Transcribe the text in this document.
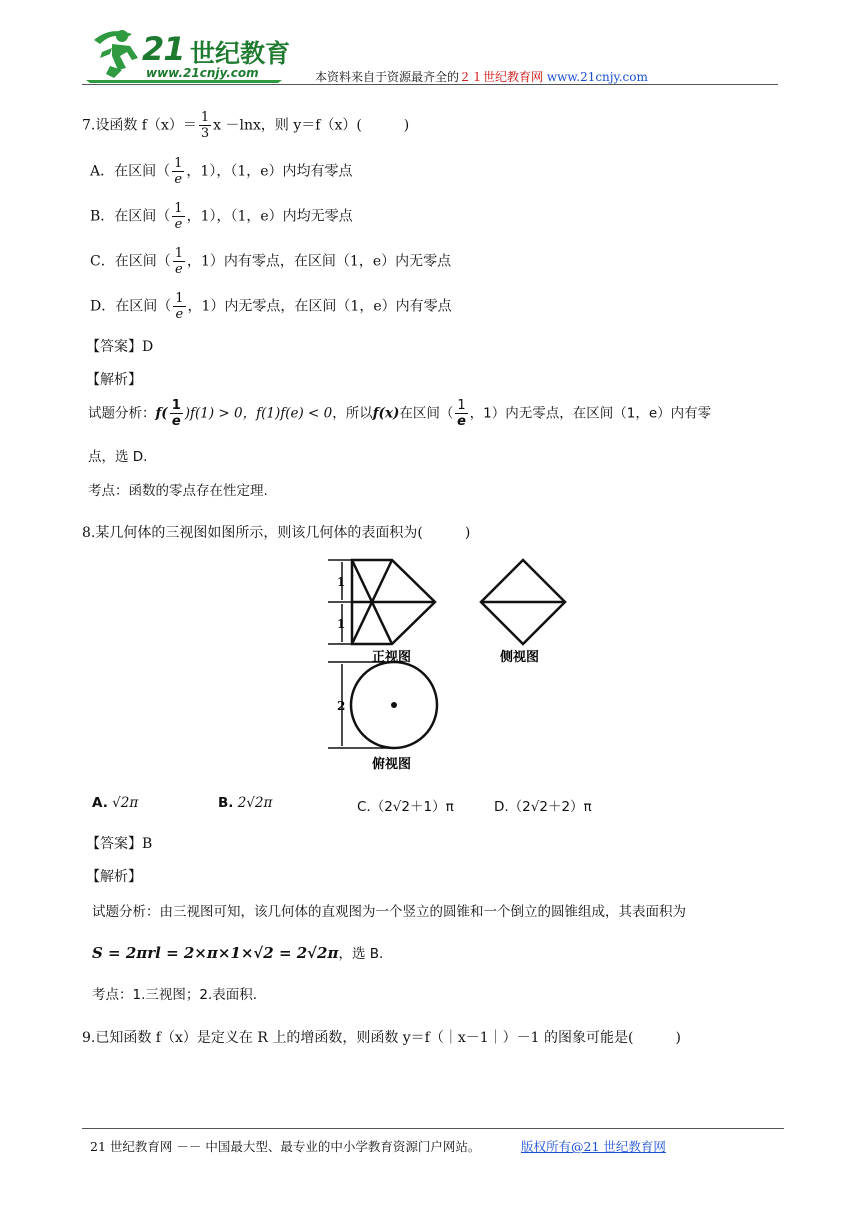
21 世纪教育
www.21cnjy.com	本资料来自于资源最齐全的２１世纪教育网 www.21cnjy.com
7.设函数 $f(x)= \frac{1}{3}$ x －lnx，则 y＝f（x）(　　　)
A．在区间（ $\frac{1}{e}$ ，1），（1，e）内均有零点
B．在区间（ $\frac{1}{e}$ ，1），（1，e）内均无零点
C．在区间（ $\frac{1}{e}$ ，1）内有零点，在区间（1，e）内无零点
D．在区间（ $\frac{1}{e}$ ，1）内无零点，在区间（1，e）内有零点
【答案】D
【解析】
试题分析：$f( \frac{1}{e} )f(1) > 0$，f(1)f(e) < 0，所以f(x)在区间（ $\frac{1}{e}$ ，1）内无零点，在区间（1，e）内有零
点，选 D.
考点：函数的零点存在性定理.
8.某几何体的三视图如图所示，则该几何体的表面积为(　　　)
1
1
2
正视图	侧视图
俯视图
A. √2π	B. 2√2π	C.（2√2＋1）π	D.（2√2＋2）π
【答案】B
【解析】
试题分析：由三视图可知，该几何体的直观图为一个竖立的圆锥和一个倒立的圆锥组成，其表面积为
S = 2πrl = 2×π×1×√2 = 2√2π，选 B.
考点：1.三视图；2.表面积.
9.已知函数 f（x）是定义在 R 上的增函数，则函数 y＝f（｜x－1｜）－1 的图象可能是(　　　)
21 世纪教育网 －－ 中国最大型、最专业的中小学教育资源门户网站。	版权所有@21 世纪教育网
